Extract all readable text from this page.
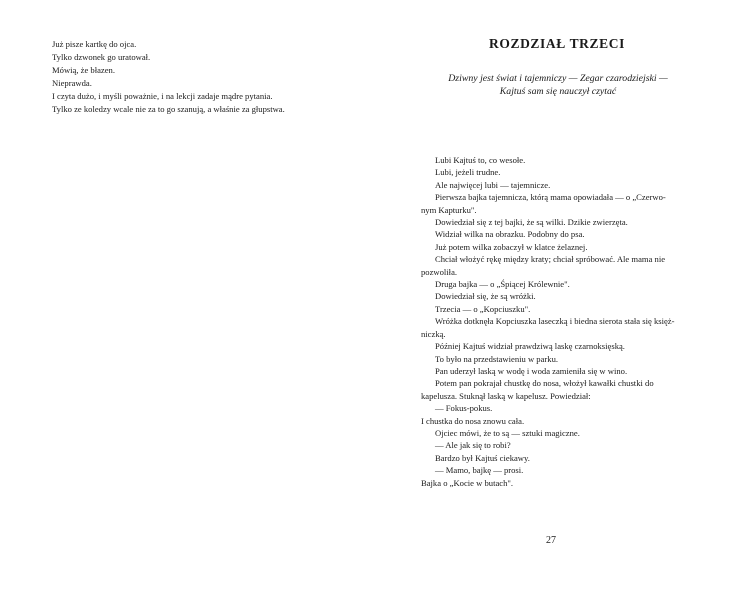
Już pisze kartkę do ojca.
Tylko dzwonek go uratował.
Mówią, że błazen.
Nieprawda.
I czyta dużo, i myśli poważnie, i na lekcji zadaje mądre pytania.
Tylko ze koledzy wcale nie za to go szanują, a właśnie za głupstwa.
ROZDZIAŁ TRZECI
Dziwny jest świat i tajemniczy — Zegar czarodziejski —
Kajtuś sam się nauczył czytać
Lubi Kajtuś to, co wesołe.
Lubi, jeżeli trudne.
Ale najwięcej lubi — tajemnicze.
Pierwsza bajka tajemnicza, którą mama opowiadała — o „Czerwo-
nym Kapturku".
Dowiedział się z tej bajki, że są wilki. Dzikie zwierzęta.
Widział wilka na obrazku. Podobny do psa.
Już potem wilka zobaczył w klatce żelaznej.
Chciał włożyć rękę między kraty; chciał spróbować. Ale mama nie
pozwoliła.
Druga bajka — o „Śpiącej Królewnie".
Dowiedział się, że są wróżki.
Trzecia — o „Kopciuszku".
Wróżka dotknęła Kopciuszka laseczką i biedna sierota stała się księż-
niczką.
Później Kajtuś widział prawdziwą laskę czarnoksięską.
To było na przedstawieniu w parku.
Pan uderzył laską w wodę i woda zamieniła się w wino.
Potem pan pokrajał chustkę do nosa, włożył kawałki chustki do
kapelusza. Stuknął laską w kapelusz. Powiedział:
— Fokus-pokus.
I chustka do nosa znowu cała.
Ojciec mówi, że to są — sztuki magiczne.
— Ale jak się to robi?
Bardzo był Kajtuś ciekawy.
— Mamo, bajkę — prosi.
Bajka o „Kocie w butach".
27
